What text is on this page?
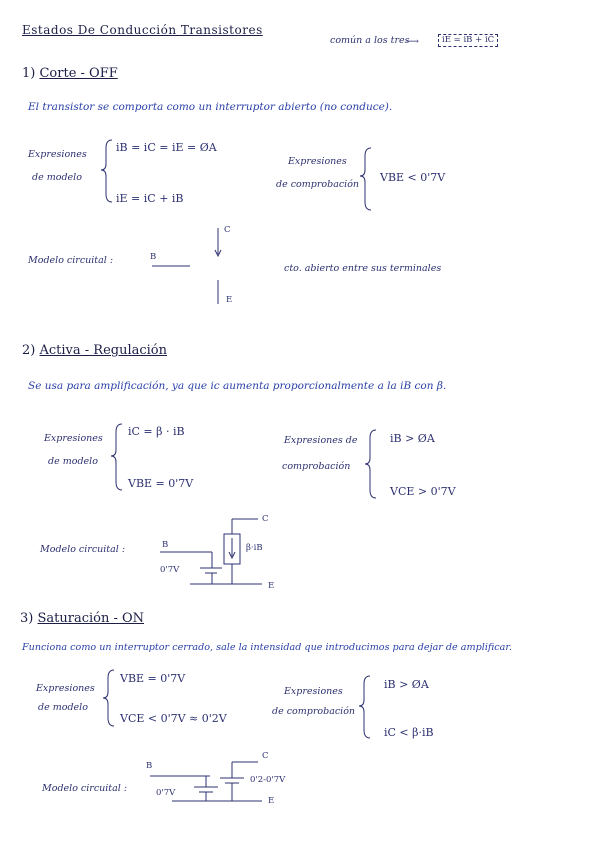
Estados De Conducción Transistores
común a los tres
⟶	iE = iB + iC
1) Corte - OFF
El transistor se comporta como un interruptor abierto (no conduce).
Expresiones
de modelo
iB = iC = iE = ØA
iE = iC + iB
Expresiones
de comprobación
VBE < 0'7V
Modelo circuital :	B
C
E
cto. abierto entre sus terminales
2) Activa - Regulación
Se usa para amplificación, ya que ic aumenta proporcionalmente a la iB con β.
Expresiones
de modelo
iC = β · iB
VBE = 0'7V
Expresiones de
comprobación
iB > ØA
VCE > 0'7V
Modelo circuital :	B
C
E
0'7V
β·iB
3) Saturación - ON
Funciona como un interruptor cerrado, sale la intensidad que introducimos para dejar de amplificar.
Expresiones
de modelo
VBE = 0'7V
VCE < 0'7V ≈ 0'2V
Expresiones
de comprobación
iB > ØA
iC < β·iB
Modelo circuital :
B
C
E
0'7V
0'2-0'7V
